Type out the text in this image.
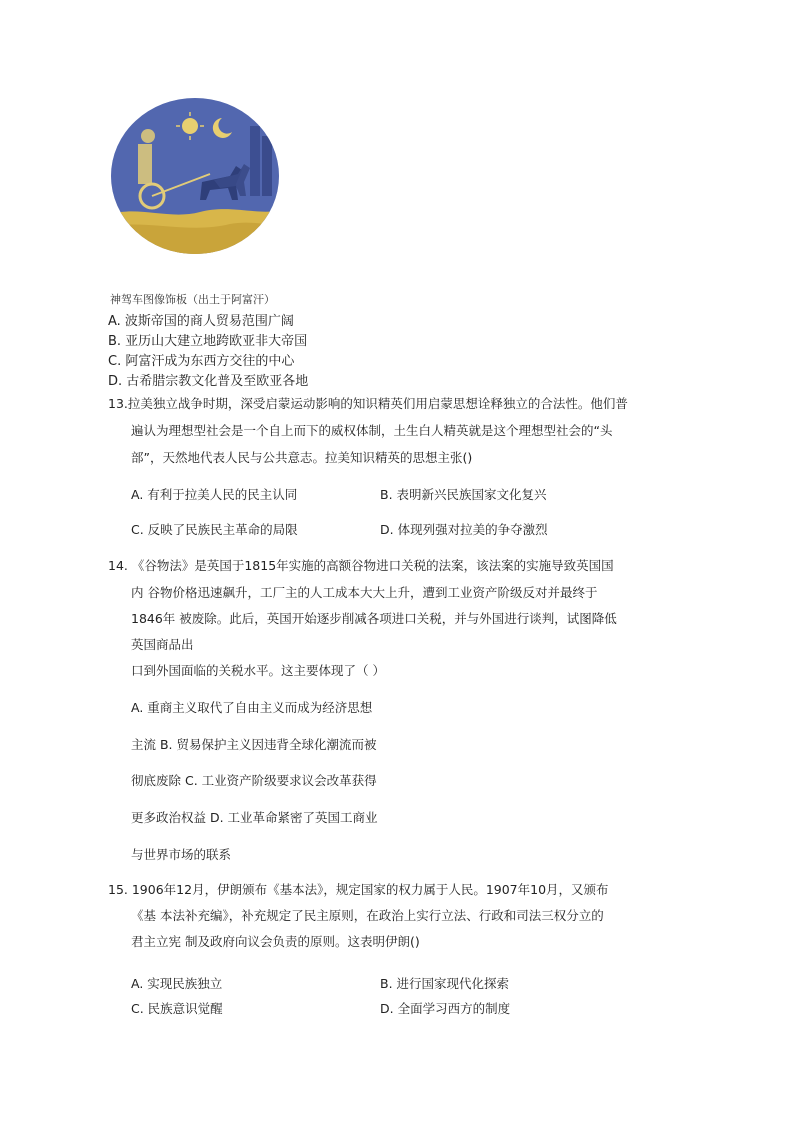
神驾车图像饰板（出土于阿富汗）
A. 波斯帝国的商人贸易范围广阔
B. 亚历山大建立地跨欧亚非大帝国
C. 阿富汗成为东西方交往的中心
D. 古希腊宗教文化普及至欧亚各地
13.拉美独立战争时期，深受启蒙运动影响的知识精英们用启蒙思想诠释独立的合法性。他们普
遍认为理想型社会是一个自上而下的威权体制，土生白人精英就是这个理想型社会的“头
部”，天然地代表人民与公共意志。拉美知识精英的思想主张()
A. 有利于拉美人民的民主认同	B. 表明新兴民族国家文化复兴
C. 反映了民族民主革命的局限	D. 体现列强对拉美的争夺激烈
14. 《谷物法》是英国于1815年实施的高额谷物进口关税的法案，该法案的实施导致英国国
内 谷物价格迅速飙升，工厂主的人工成本大大上升，遭到工业资产阶级反对并最终于
1846年 被废除。此后，英国开始逐步削减各项进口关税，并与外国进行谈判，试图降低
英国商品出
口到外国面临的关税水平。这主要体现了（ ）
A. 重商主义取代了自由主义而成为经济思想
主流 B. 贸易保护主义因违背全球化潮流而被
彻底废除 C. 工业资产阶级要求议会改革获得
更多政治权益 D. 工业革命紧密了英国工商业
与世界市场的联系
15. 1906年12月，伊朗颁布《基本法》，规定国家的权力属于人民。1907年10月，又颁布
《基 本法补充编》，补充规定了民主原则，在政治上实行立法、行政和司法三权分立的
君主立宪 制及政府向议会负责的原则。这表明伊朗()
A. 实现民族独立	B. 进行国家现代化探索
C. 民族意识觉醒	D. 全面学习西方的制度
